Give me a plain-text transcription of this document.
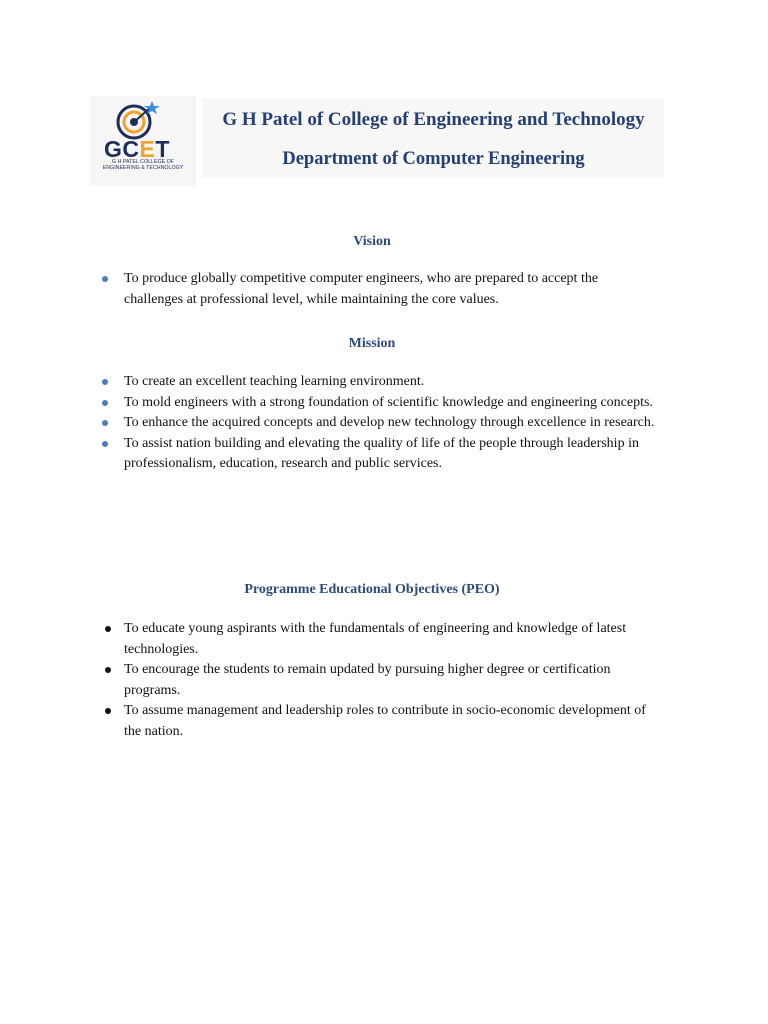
GCET
G H PATEL COLLEGE OF ENGINEERING & TECHNOLOGY
G H Patel of College of Engineering and Technology
Department of Computer Engineering
Vision
To produce globally competitive computer engineers, who are prepared to accept the challenges at professional level, while maintaining the core values.
Mission
To create an excellent teaching learning environment.
To mold engineers with a strong foundation of scientific knowledge and engineering concepts.
To enhance the acquired concepts and develop new technology through excellence in research.
To assist nation building and elevating the quality of life of the people through leadership in professionalism, education, research and public services.
Programme Educational Objectives (PEO)
To educate young aspirants with the fundamentals of engineering and knowledge of latest technologies.
To encourage the students to remain updated by pursuing higher degree or certification programs.
To assume management and leadership roles to contribute in socio-economic development of the nation.
